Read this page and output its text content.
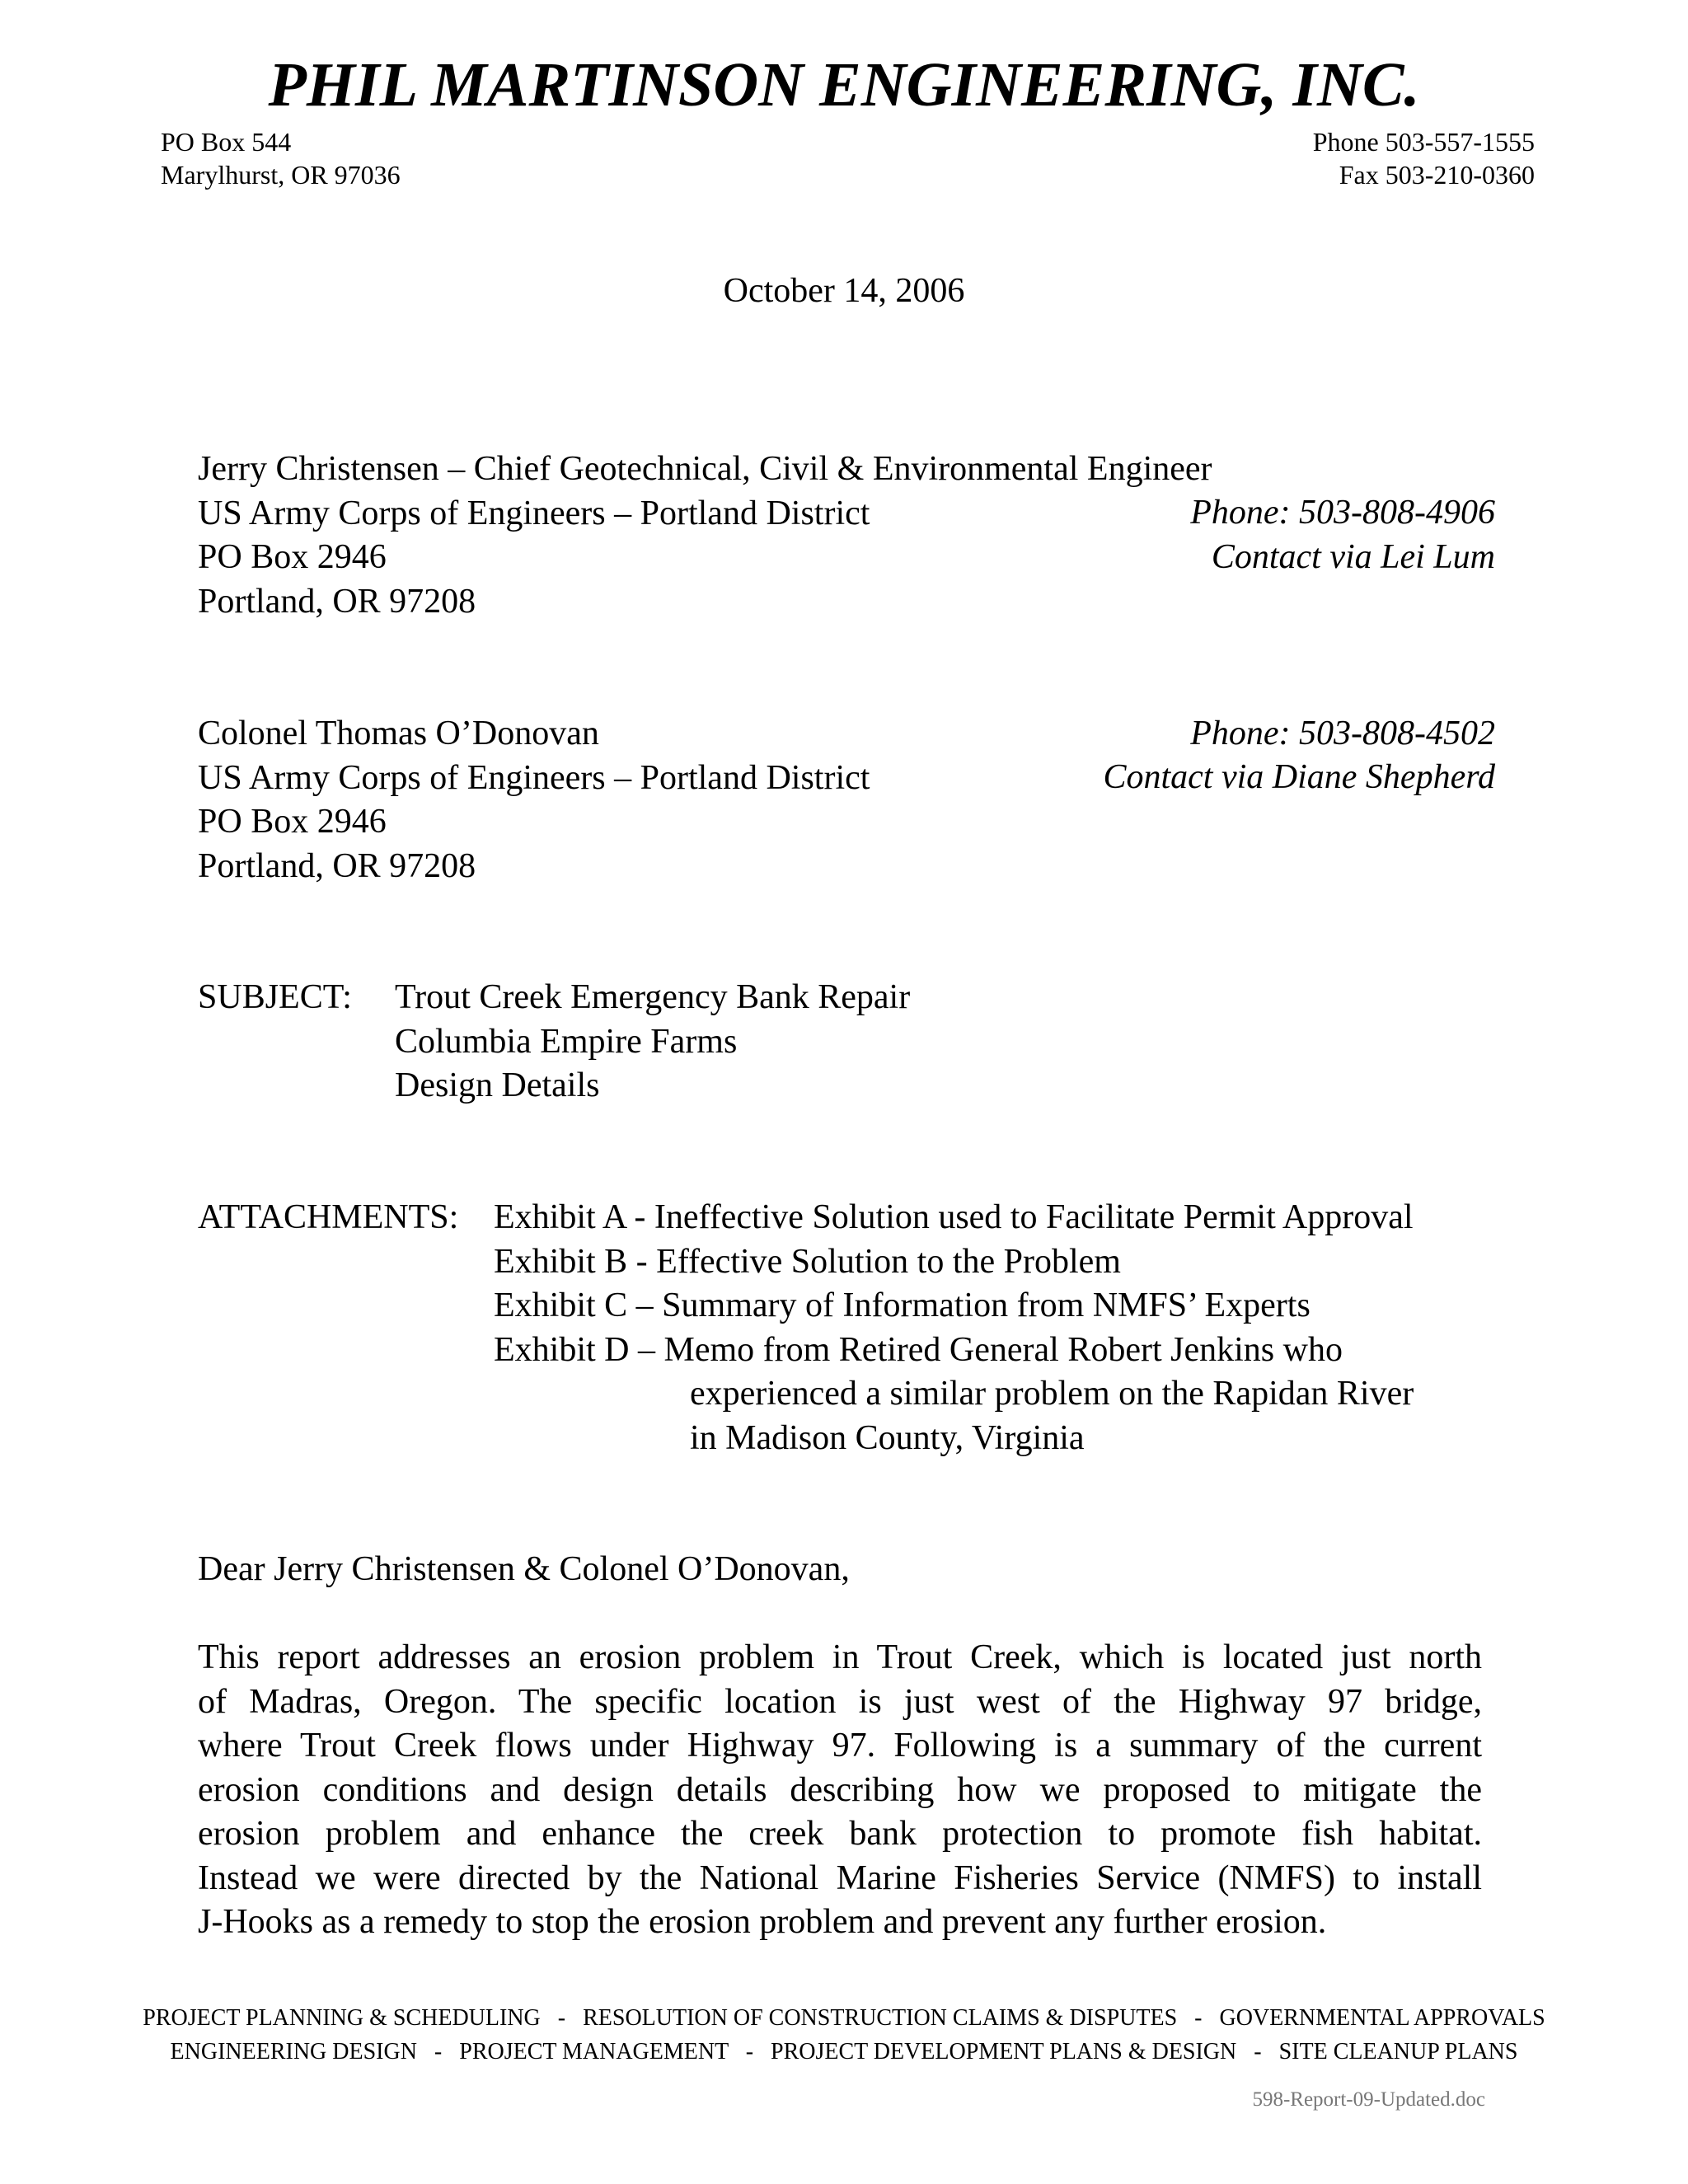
PHIL MARTINSON ENGINEERING, INC.
PO Box 544
Marylhurst, OR 97036
Phone 503-557-1555
Fax 503-210-0360
October 14, 2006
Jerry Christensen – Chief Geotechnical, Civil & Environmental Engineer
US Army Corps of Engineers – Portland District
PO Box 2946
Portland, OR 97208
Phone: 503-808-4906
Contact via Lei Lum
Colonel Thomas O’Donovan
US Army Corps of Engineers – Portland District
PO Box 2946
Portland, OR 97208
Phone: 503-808-4502
Contact via Diane Shepherd
SUBJECT: Trout Creek Emergency Bank Repair
Columbia Empire Farms
Design Details
ATTACHMENTS: Exhibit A - Ineffective Solution used to Facilitate Permit Approval
Exhibit B - Effective Solution to the Problem
Exhibit C – Summary of Information from NMFS’ Experts
Exhibit D – Memo from Retired General Robert Jenkins who
experienced a similar problem on the Rapidan River
in Madison County, Virginia
Dear Jerry Christensen & Colonel O’Donovan,
This report addresses an erosion problem in Trout Creek, which is located just north
of Madras, Oregon. The specific location is just west of the Highway 97 bridge,
where Trout Creek flows under Highway 97. Following is a summary of the current
erosion conditions and design details describing how we proposed to mitigate the
erosion problem and enhance the creek bank protection to promote fish habitat.
Instead we were directed by the National Marine Fisheries Service (NMFS) to install
J-Hooks as a remedy to stop the erosion problem and prevent any further erosion.
PROJECT PLANNING & SCHEDULING   -   RESOLUTION OF CONSTRUCTION CLAIMS & DISPUTES   -   GOVERNMENTAL APPROVALS
ENGINEERING DESIGN   -   PROJECT MANAGEMENT   -   PROJECT DEVELOPMENT PLANS & DESIGN   -   SITE CLEANUP PLANS
598-Report-09-Updated.doc
